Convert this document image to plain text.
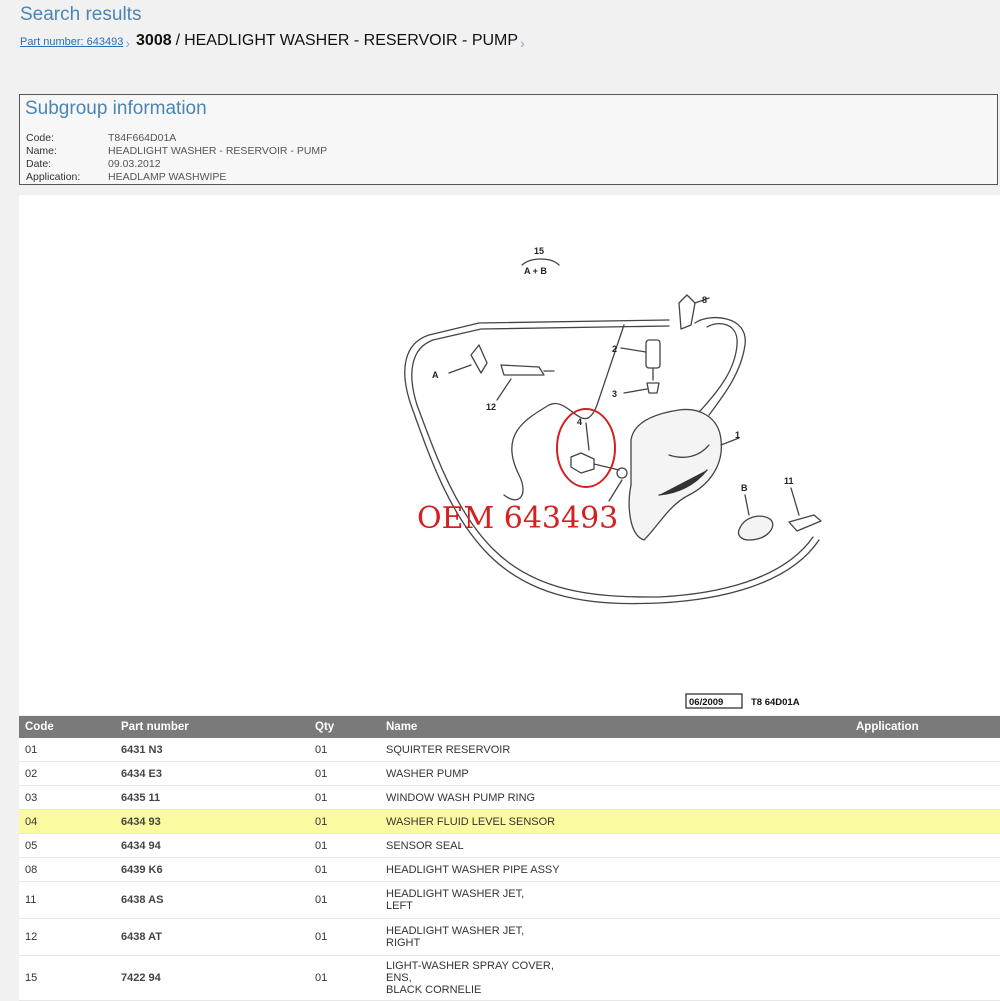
Search results
Part number: 643493 › 3008 / HEADLIGHT WASHER - RESERVOIR - PUMP ›
Subgroup information
Code:	T84F664D01A
Name:	HEADLIGHT WASHER - RESERVOIR - PUMP
Date:	09.03.2012
Application:	HEADLAMP WASHWIPE
15
A + B
8
2
3
1
4
A
12
B
11
OEM 643493
06/2009	T8 64D01A
Code	Part number	Qty	Name	Application
01	6431 N3	01	SQUIRTER RESERVOIR	
02	6434 E3	01	WASHER PUMP	
03	6435 11	01	WINDOW WASH PUMP RING	
04	6434 93	01	WASHER FLUID LEVEL SENSOR	
05	6434 94	01	SENSOR SEAL	
08	6439 K6	01	HEADLIGHT WASHER PIPE ASSY	
11	6438 AS	01	HEADLIGHT WASHER JET,
LEFT	
12	6438 AT	01	HEADLIGHT WASHER JET,
RIGHT	
15	7422 94	01	LIGHT-WASHER SPRAY COVER,
ENS,
BLACK CORNELIE	
